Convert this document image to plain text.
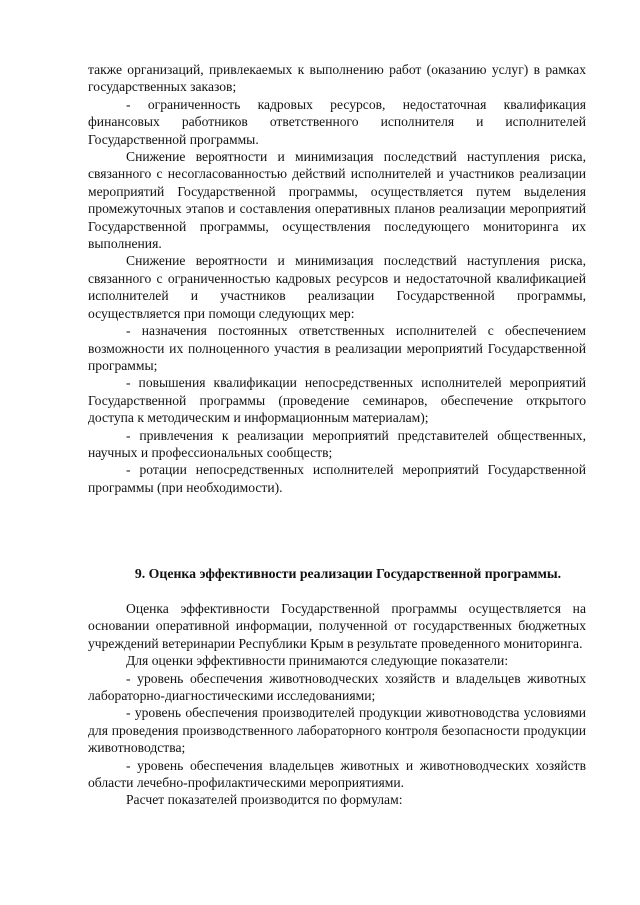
также организаций, привлекаемых к выполнению работ (оказанию услуг) в рамках государственных заказов;

- ограниченность кадровых ресурсов, недостаточная квалификация финансовых работников ответственного исполнителя и исполнителей Государственной программы.

Снижение вероятности и минимизация последствий наступления риска, связанного с несогласованностью действий исполнителей и участников реализации мероприятий Государственной программы, осуществляется путем выделения промежуточных этапов и составления оперативных планов реализации мероприятий Государственной программы, осуществления последующего мониторинга их выполнения.

Снижение вероятности и минимизация последствий наступления риска, связанного с ограниченностью кадровых ресурсов и недостаточной квалификацией исполнителей и участников реализации Государственной программы, осуществляется при помощи следующих мер:

- назначения постоянных ответственных исполнителей с обеспечением возможности их полноценного участия в реализации мероприятий Государственной программы;

- повышения квалификации непосредственных исполнителей мероприятий Государственной программы (проведение семинаров, обеспечение открытого доступа к методическим и информационным материалам);

- привлечения к реализации мероприятий представителей общественных, научных и профессиональных сообществ;

- ротации непосредственных исполнителей мероприятий Государственной программы (при необходимости).

9. Оценка эффективности реализации Государственной программы.

Оценка эффективности Государственной программы осуществляется на основании оперативной информации, полученной от государственных бюджетных учреждений ветеринарии Республики Крым в результате проведенного мониторинга.

Для оценки эффективности принимаются следующие показатели:

- уровень обеспечения животноводческих хозяйств и владельцев животных лабораторно-диагностическими исследованиями;

- уровень обеспечения производителей продукции животноводства условиями для проведения производственного лабораторного контроля безопасности продукции животноводства;

- уровень обеспечения владельцев животных и животноводческих хозяйств области лечебно-профилактическими мероприятиями.

Расчет показателей производится по формулам:
